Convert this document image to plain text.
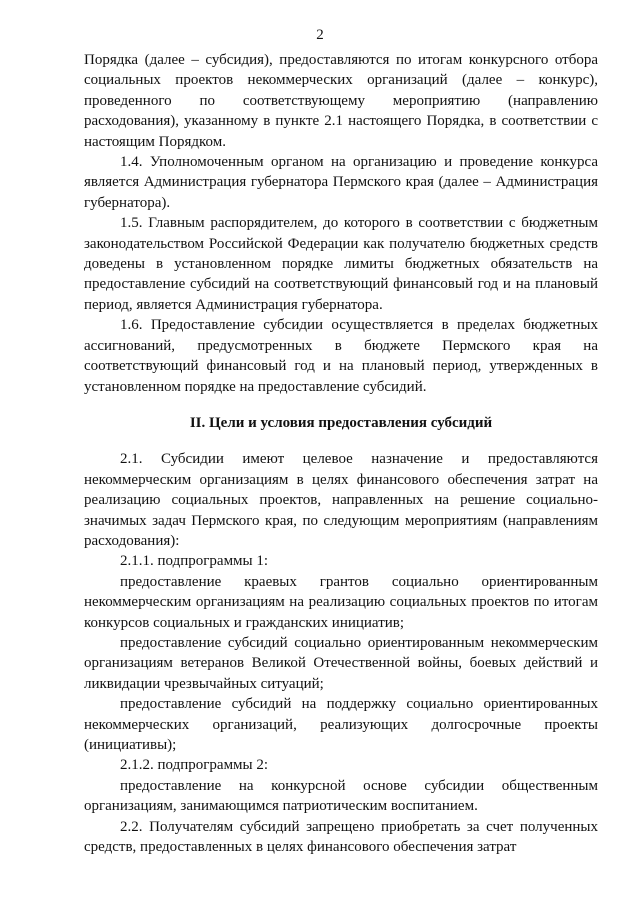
2

Порядка (далее – субсидия), предоставляются по итогам конкурсного отбора социальных проектов некоммерческих организаций (далее – конкурс), проведенного по соответствующему мероприятию (направлению расходования), указанному в пункте 2.1 настоящего Порядка, в соответствии с настоящим Порядком.

1.4. Уполномоченным органом на организацию и проведение конкурса является Администрация губернатора Пермского края (далее – Администрация губернатора).

1.5. Главным распорядителем, до которого в соответствии с бюджетным законодательством Российской Федерации как получателю бюджетных средств доведены в установленном порядке лимиты бюджетных обязательств на предоставление субсидий на соответствующий финансовый год и на плановый период, является Администрация губернатора.

1.6. Предоставление субсидии осуществляется в пределах бюджетных ассигнований, предусмотренных в бюджете Пермского края на соответствующий финансовый год и на плановый период, утвержденных в установленном порядке на предоставление субсидий.

II. Цели и условия предоставления субсидий

2.1. Субсидии имеют целевое назначение и предоставляются некоммерческим организациям в целях финансового обеспечения затрат на реализацию социальных проектов, направленных на решение социально-значимых задач Пермского края, по следующим мероприятиям (направлениям расходования):

2.1.1. подпрограммы 1:

предоставление краевых грантов социально ориентированным некоммерческим организациям на реализацию социальных проектов по итогам конкурсов социальных и гражданских инициатив;

предоставление субсидий социально ориентированным некоммерческим организациям ветеранов Великой Отечественной войны, боевых действий и ликвидации чрезвычайных ситуаций;

предоставление субсидий на поддержку социально ориентированных некоммерческих организаций, реализующих долгосрочные проекты (инициативы);

2.1.2. подпрограммы 2:

предоставление на конкурсной основе субсидии общественным организациям, занимающимся патриотическим воспитанием.

2.2. Получателям субсидий запрещено приобретать за счет полученных средств, предоставленных в целях финансового обеспечения затрат
